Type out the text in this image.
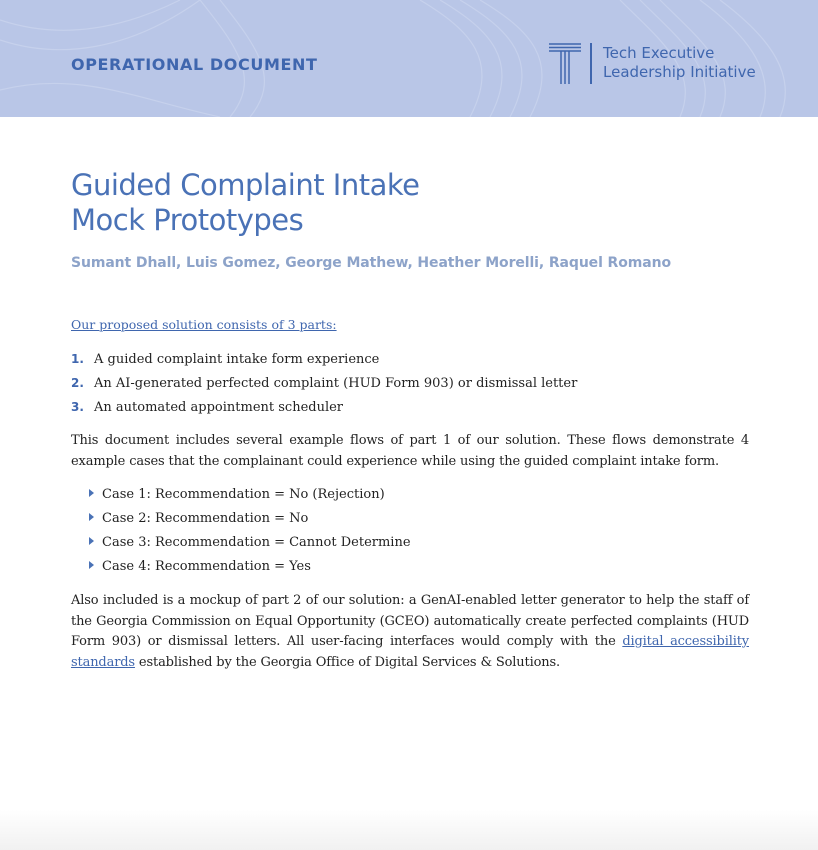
OPERATIONAL DOCUMENT
Tech Executive
Leadership Initiative
Guided Complaint Intake
Mock Prototypes
Sumant Dhall, Luis Gomez, George Mathew, Heather Morelli, Raquel Romano
Our proposed solution consists of 3 parts:
1. A guided complaint intake form experience
2. An AI-generated perfected complaint (HUD Form 903) or dismissal letter
3. An automated appointment scheduler

This document includes several example flows of part 1 of our solution. These flows demonstrate 4 example cases that the complainant could experience while using the guided complaint intake form.

Case 1: Recommendation = No (Rejection)
Case 2: Recommendation = No
Case 3: Recommendation = Cannot Determine
Case 4: Recommendation = Yes

Also included is a mockup of part 2 of our solution: a GenAI-enabled letter generator to help the staff of the Georgia Commission on Equal Opportunity (GCEO) automatically create perfected complaints (HUD Form 903) or dismissal letters. All user-facing interfaces would comply with the digital accessibility standards established by the Georgia Office of Digital Services & Solutions.
